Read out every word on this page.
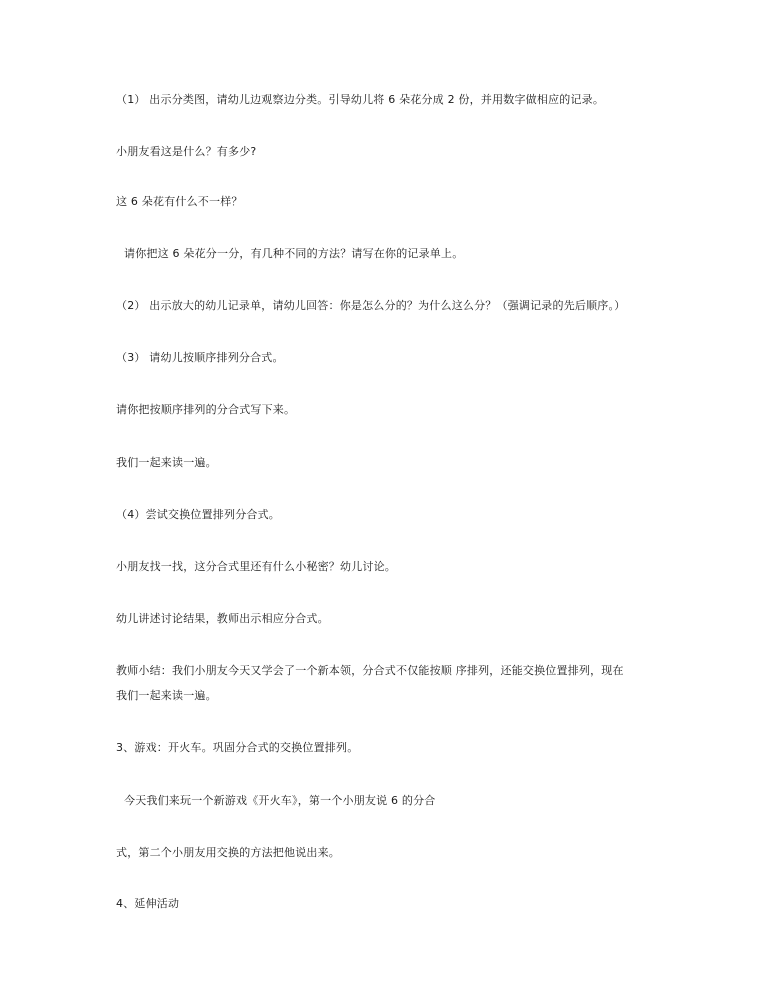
（1） 出示分类图，请幼儿边观察边分类。引导幼儿将 6 朵花分成 2 份，并用数字做相应的记录。
小朋友看这是什么？有多少?
这 6 朵花有什么不一样？
请你把这 6 朵花分一分，有几种不同的方法？请写在你的记录单上。
（2） 出示放大的幼儿记录单，请幼儿回答：你是怎么分的？为什么这么分？（强调记录的先后顺序。）
（3） 请幼儿按顺序排列分合式。
请你把按顺序排列的分合式写下来。
我们一起来读一遍。
（4）尝试交换位置排列分合式。
小朋友找一找，这分合式里还有什么小秘密？幼儿讨论。
幼儿讲述讨论结果，教师出示相应分合式。
教师小结：我们小朋友今天又学会了一个新本领，分合式不仅能按顺 序排列，还能交换位置排列，现在
我们一起来读一遍。
3、游戏：开火车。巩固分合式的交换位置排列。
今天我们来玩一个新游戏《开火车》，第一个小朋友说 6 的分合
式，第二个小朋友用交换的方法把他说出来。
4、延伸活动
